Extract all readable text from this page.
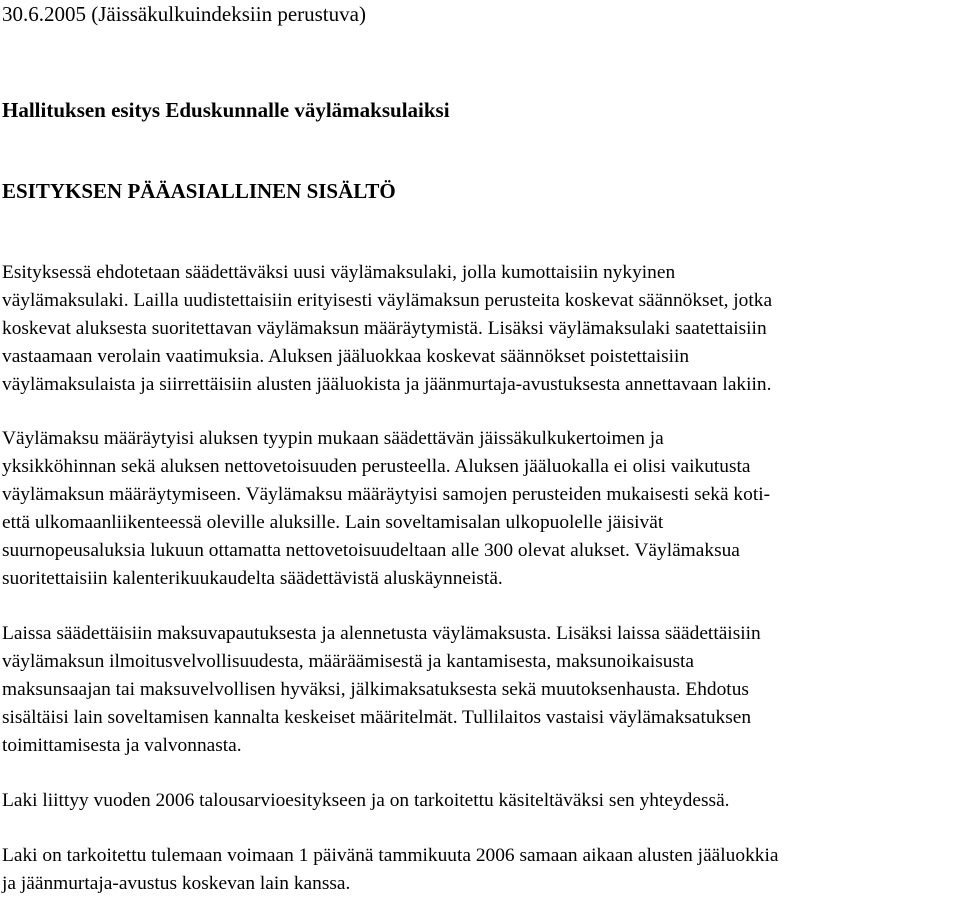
30.6.2005 (Jäissäkulkuindeksiin perustuva)
Hallituksen esitys Eduskunnalle väylämaksulaiksi
ESITYKSEN PÄÄASIALLINEN SISÄLTÖ

Esityksessä ehdotetaan säädettäväksi uusi väylämaksulaki, jolla kumottaisiin nykyinen
väylämaksulaki. Lailla uudistettaisiin erityisesti väylämaksun perusteita koskevat säännökset, jotka
koskevat aluksesta suoritettavan väylämaksun määräytymistä. Lisäksi väylämaksulaki saatettaisiin
vastaamaan verolain vaatimuksia. Aluksen jääluokkaa koskevat säännökset poistettaisiin
väylämaksulaista ja siirrettäisiin alusten jääluokista ja jäänmurtaja-avustuksesta annettavaan lakiin.

Väylämaksu määräytyisi aluksen tyypin mukaan säädettävän jäissäkulkukertoimen ja
yksikköhinnan sekä aluksen nettovetoisuuden perusteella. Aluksen jääluokalla ei olisi vaikutusta
väylämaksun määräytymiseen. Väylämaksu määräytyisi samojen perusteiden mukaisesti sekä koti-
että ulkomaanliikenteessä oleville aluksille. Lain soveltamisalan ulkopuolelle jäisivät
suurnopeusaluksia lukuun ottamatta nettovetoisuudeltaan alle 300 olevat alukset. Väylämaksua
suoritettaisiin kalenterikuukaudelta säädettävistä aluskäynneistä.

Laissa säädettäisiin maksuvapautuksesta ja alennetusta väylämaksusta. Lisäksi laissa säädettäisiin
väylämaksun ilmoitusvelvollisuudesta, määräämisestä ja kantamisesta, maksunoikaisusta
maksunsaajan tai maksuvelvollisen hyväksi, jälkimaksatuksesta sekä muutoksenhausta. Ehdotus
sisältäisi lain soveltamisen kannalta keskeiset määritelmät. Tullilaitos vastaisi väylämaksatuksen
toimittamisesta ja valvonnasta.

Laki liittyy vuoden 2006 talousarvioesitykseen ja on tarkoitettu käsiteltäväksi sen yhteydessä.

Laki on tarkoitettu tulemaan voimaan 1 päivänä tammikuuta 2006 samaan aikaan alusten jääluokkia
ja jäänmurtaja-avustus koskevan lain kanssa.
